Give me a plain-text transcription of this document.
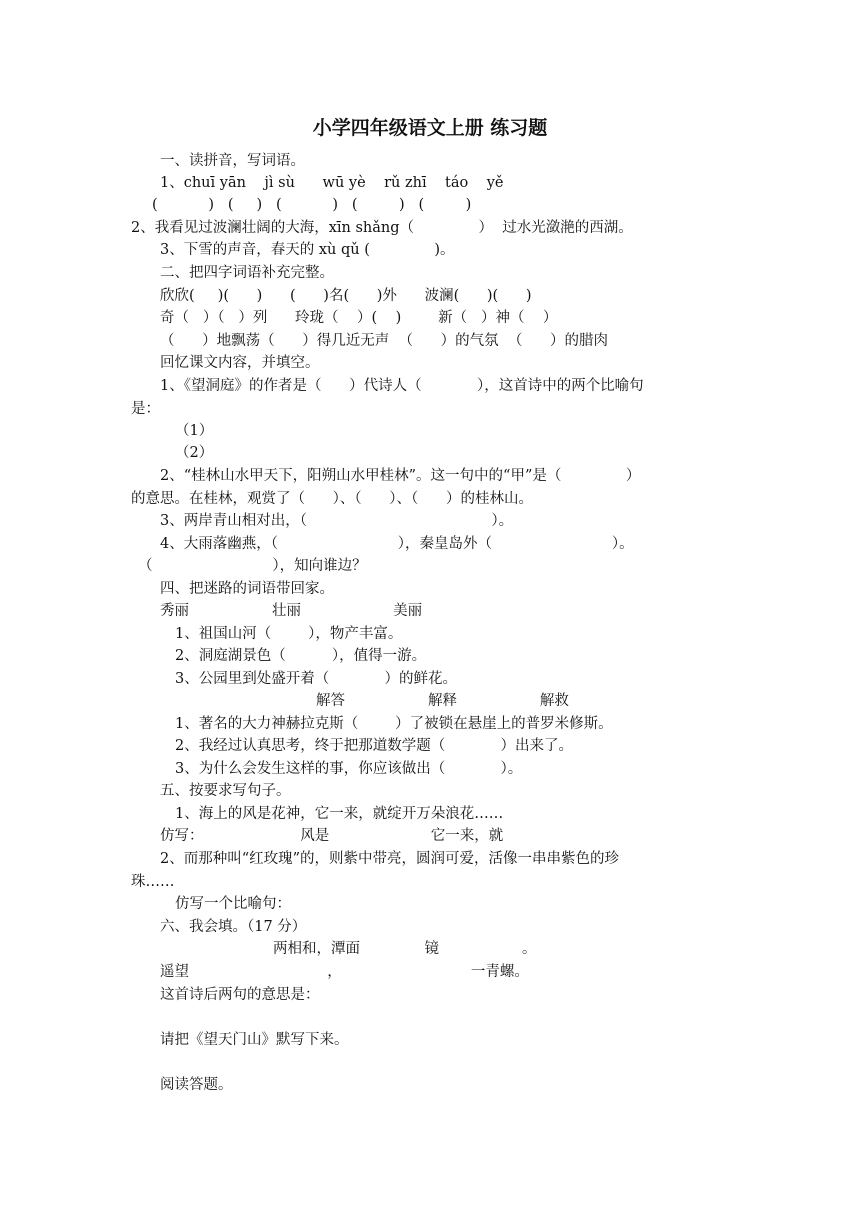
小学四年级语文上册 练习题
一、读拼音，写词语。
1、chuī yān    jì sù      wū yè    rǔ zhī    táo    yě
(           )   (     )   (           )   (         )   (         )
2、我看见过波澜壮阔的大海，xīn shǎng（              ）  过水光潋滟的西湖。
3、下雪的声音，春天的 xù qǔ (              )。
二、把四字词语补充完整。
欣欣(     )(      )      (      )名(      )外      波澜(      )(      )
奇（   ）（   ）列      玲珑（    ）(    )        新（   ）神（    ）
（      ）地飘荡（      ）得几近无声  （      ）的气氛  （      ）的腊肉
回忆课文内容，并填空。
1、《望洞庭》的作者是（      ）代诗人（            ），这首诗中的两个比喻句
是：
（1）
（2）
2、“桂林山水甲天下，阳朔山水甲桂林”。这一句中的“甲”是（              ）
的意思。在桂林，观赏了（      ）、（      ）、（      ）的桂林山。
3、两岸青山相对出，（                                        ）。
4、大雨落幽燕，（                          ），秦皇岛外（                          ）。
（                          ），知向谁边？
四、把迷路的词语带回家。
秀丽                  壮丽                    美丽
1、祖国山河（        ），物产丰富。
2、洞庭湖景色（          ），值得一游。
3、公园里到处盛开着（            ）的鲜花。
解答                  解释                  解救
1、著名的大力神赫拉克斯（        ）了被锁在悬崖上的普罗米修斯。
2、我经过认真思考，终于把那道数学题（            ）出来了。
3、为什么会发生这样的事，你应该做出（            ）。
五、按要求写句子。
1、海上的风是花神，它一来，就绽开万朵浪花……
仿写：                     风是                      它一来，就
2、而那种叫“红玫瑰”的，则紫中带亮，圆润可爱，活像一串串紫色的珍
珠……
仿写一个比喻句：
六、我会填。（17 分）
两相和，潭面              镜                  。
遥望                              ，                            一青螺。
这首诗后两句的意思是：
请把《望天门山》默写下来。
阅读答题。
